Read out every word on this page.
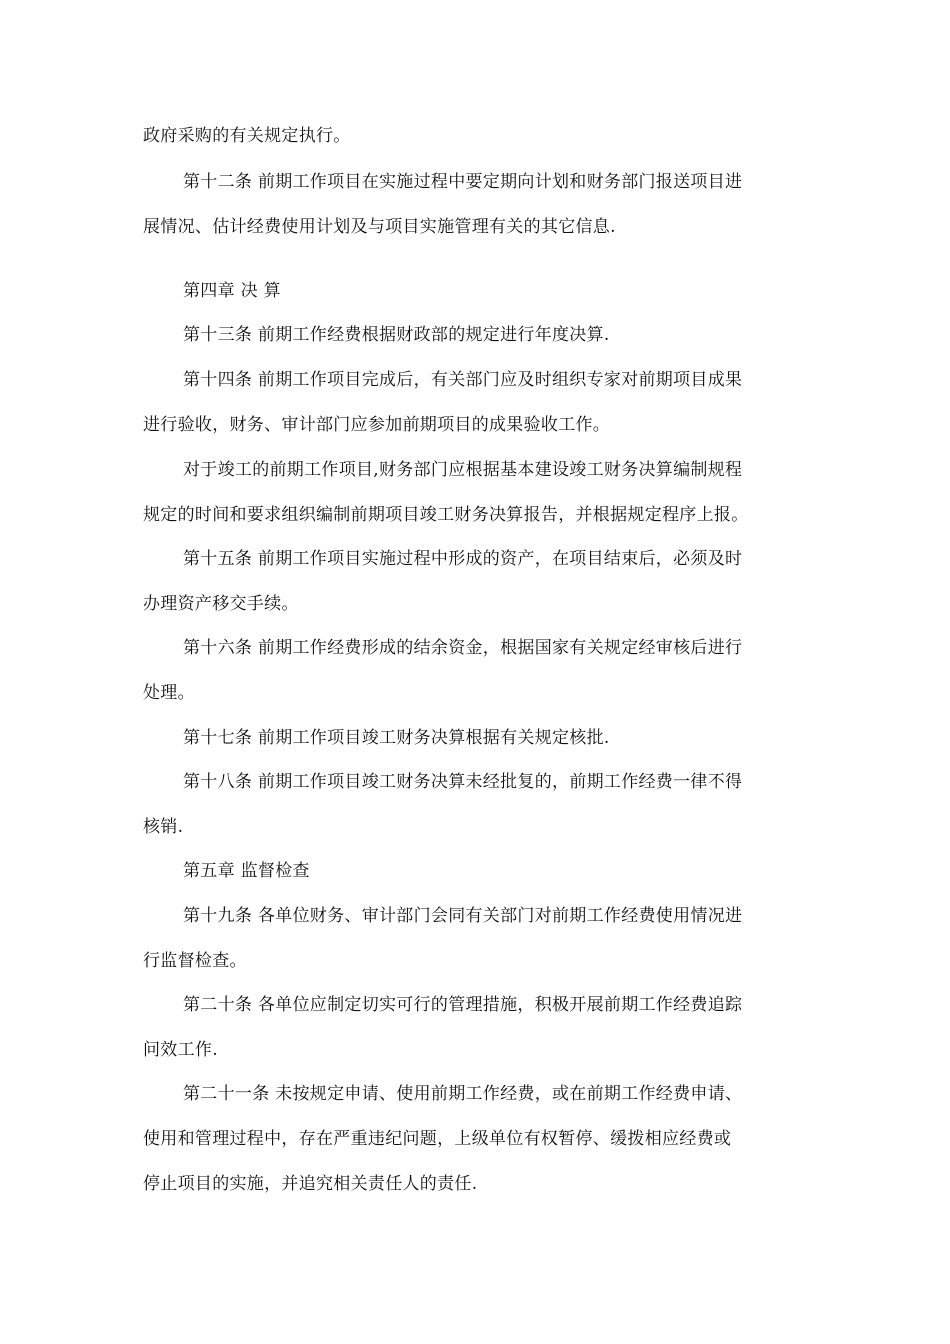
政府采购的有关规定执行。
第十二条 前期工作项目在实施过程中要定期向计划和财务部门报送项目进
展情况、估计经费使用计划及与项目实施管理有关的其它信息.
第四章 决 算
第十三条 前期工作经费根据财政部的规定进行年度决算.
第十四条 前期工作项目完成后，有关部门应及时组织专家对前期项目成果
进行验收，财务、审计部门应参加前期项目的成果验收工作。
对于竣工的前期工作项目,财务部门应根据基本建设竣工财务决算编制规程
规定的时间和要求组织编制前期项目竣工财务决算报告，并根据规定程序上报。
第十五条 前期工作项目实施过程中形成的资产，在项目结束后，必须及时
办理资产移交手续。
第十六条 前期工作经费形成的结余资金，根据国家有关规定经审核后进行
处理。
第十七条 前期工作项目竣工财务决算根据有关规定核批.
第十八条 前期工作项目竣工财务决算未经批复的，前期工作经费一律不得
核销.
第五章 监督检查
第十九条 各单位财务、审计部门会同有关部门对前期工作经费使用情况进
行监督检查。
第二十条 各单位应制定切实可行的管理措施，积极开展前期工作经费追踪
问效工作.
第二十一条 未按规定申请、使用前期工作经费，或在前期工作经费申请、
使用和管理过程中，存在严重违纪问题，上级单位有权暂停、缓拨相应经费或
停止项目的实施，并追究相关责任人的责任.
